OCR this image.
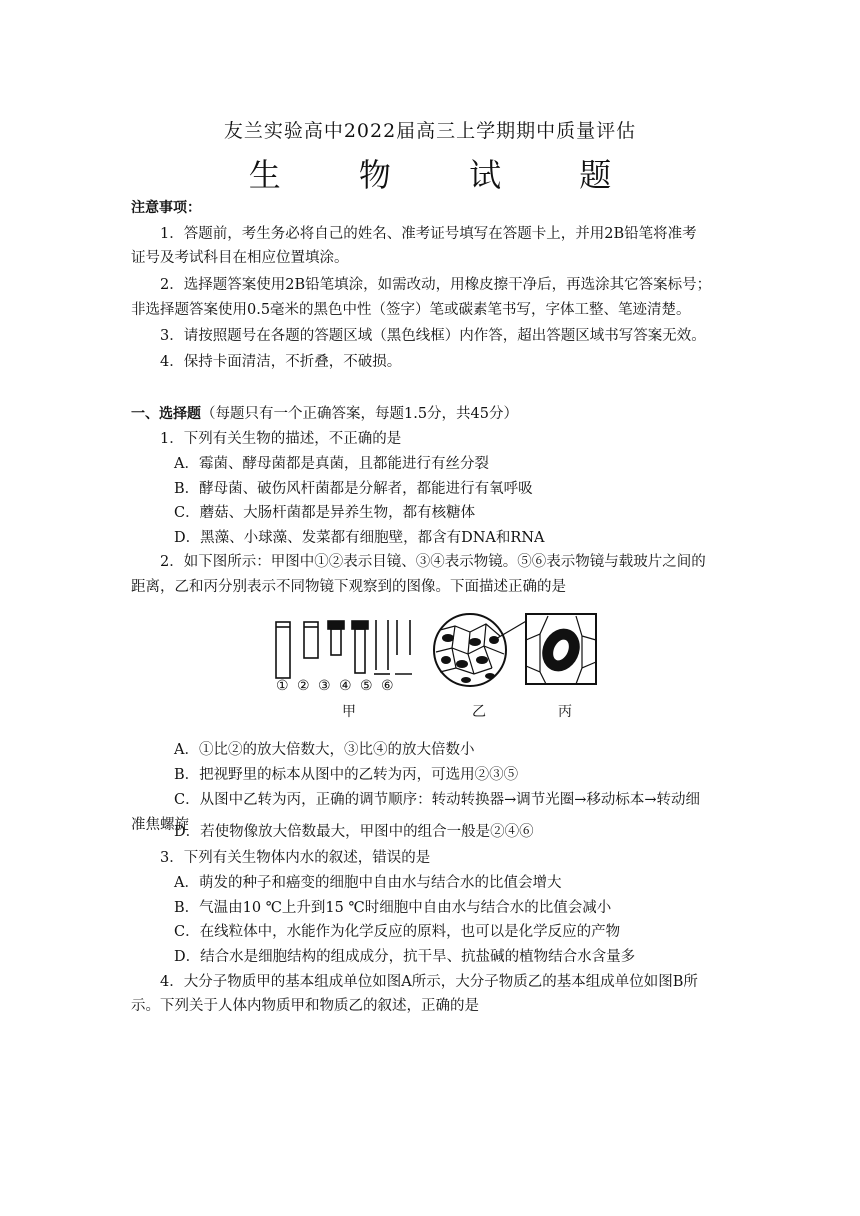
友兰实验高中2022届高三上学期期中质量评估
生 物 试 题
注意事项：
1．答题前，考生务必将自己的姓名、准考证号填写在答题卡上，并用2B铅笔将准考
证号及考试科目在相应位置填涂。
2．选择题答案使用2B铅笔填涂，如需改动，用橡皮擦干净后，再选涂其它答案标号；
非选择题答案使用0.5毫米的黑色中性（签字）笔或碳素笔书写，字体工整、笔迹清楚。
3．请按照题号在各题的答题区域（黑色线框）内作答，超出答题区域书写答案无效。
4．保持卡面清洁，不折叠，不破损。
一、选择题（每题只有一个正确答案，每题1.5分，共45分）
1．下列有关生物的描述，不正确的是
A．霉菌、酵母菌都是真菌，且都能进行有丝分裂
B．酵母菌、破伤风杆菌都是分解者，都能进行有氧呼吸
C．蘑菇、大肠杆菌都是异养生物，都有核糖体
D．黑藻、小球藻、发菜都有细胞壁，都含有DNA和RNA
2．如下图所示：甲图中①②表示目镜、③④表示物镜。⑤⑥表示物镜与载玻片之间的
距离，乙和丙分别表示不同物镜下观察到的图像。下面描述正确的是
① ② ③ ④ ⑤ ⑥
甲	乙	丙
A．①比②的放大倍数大，③比④的放大倍数小
B．把视野里的标本从图中的乙转为丙，可选用②③⑤
C．从图中乙转为丙，正确的调节顺序：转动转换器→调节光圈→移动标本→转动细
准焦螺旋
D．若使物像放大倍数最大，甲图中的组合一般是②④⑥
3．下列有关生物体内水的叙述，错误的是
A．萌发的种子和癌变的细胞中自由水与结合水的比值会增大
B．气温由10 ℃上升到15 ℃时细胞中自由水与结合水的比值会减小
C．在线粒体中，水能作为化学反应的原料，也可以是化学反应的产物
D．结合水是细胞结构的组成成分，抗干旱、抗盐碱的植物结合水含量多
4．大分子物质甲的基本组成单位如图A所示，大分子物质乙的基本组成单位如图B所
示。下列关于人体内物质甲和物质乙的叙述，正确的是
